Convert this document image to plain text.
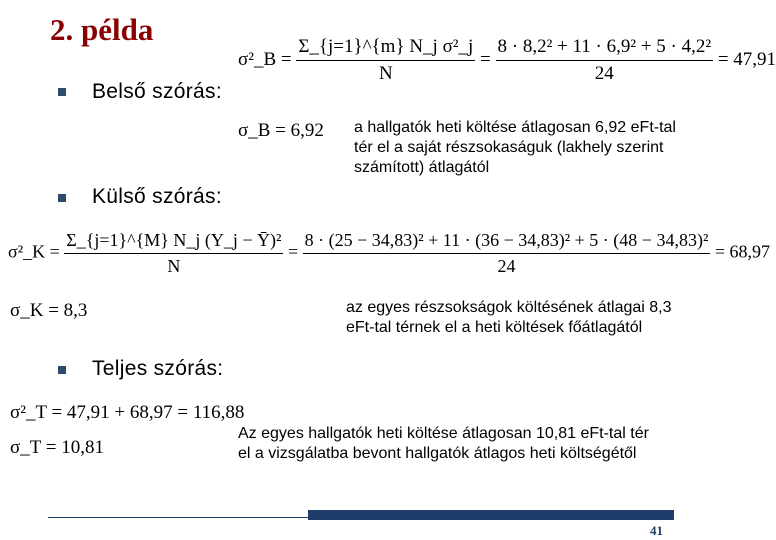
2. példa
Belső szórás:
σ²_B = $\frac{\text{Σ\_\{j=1\}\textasciicircum{}\{m\} N\_j σ²\_j}}{N} = \frac{\text{8 · 8,2² + 11 · 6,9² + 5 · 4,2²}}{24} = 47,91$
σ_B = 6,92 a hallgatók heti költése átlagosan 6,92 eFt-tal tér el a saját részsokaságuk (lakhely szerint számított) átlagától
Külső szórás:
σ²_K = $\frac{\text{Σ\_\{j=1\}\textasciicircum{}\{M\} N\_j (Y\_j − Ȳ)²}}{N} = \frac{\text{8 · (25 − 34,83)² + 11 · (36 − 34,83)² + 5 · (48 − 34,83)²}}{24} = 68,97$
σ_K = 8,3	az egyes részsokságok költésének átlagai 8,3 eFt-tal térnek el a heti költések főátlagától
Teljes szórás:
σ²_T = 47,91 + 68,97 = 116,88
σ_T = 10,81
Az egyes hallgatók heti költése átlagosan 10,81 eFt-tal tér el a vizsgálatba bevont hallgatók átlagos heti költségétől
41
